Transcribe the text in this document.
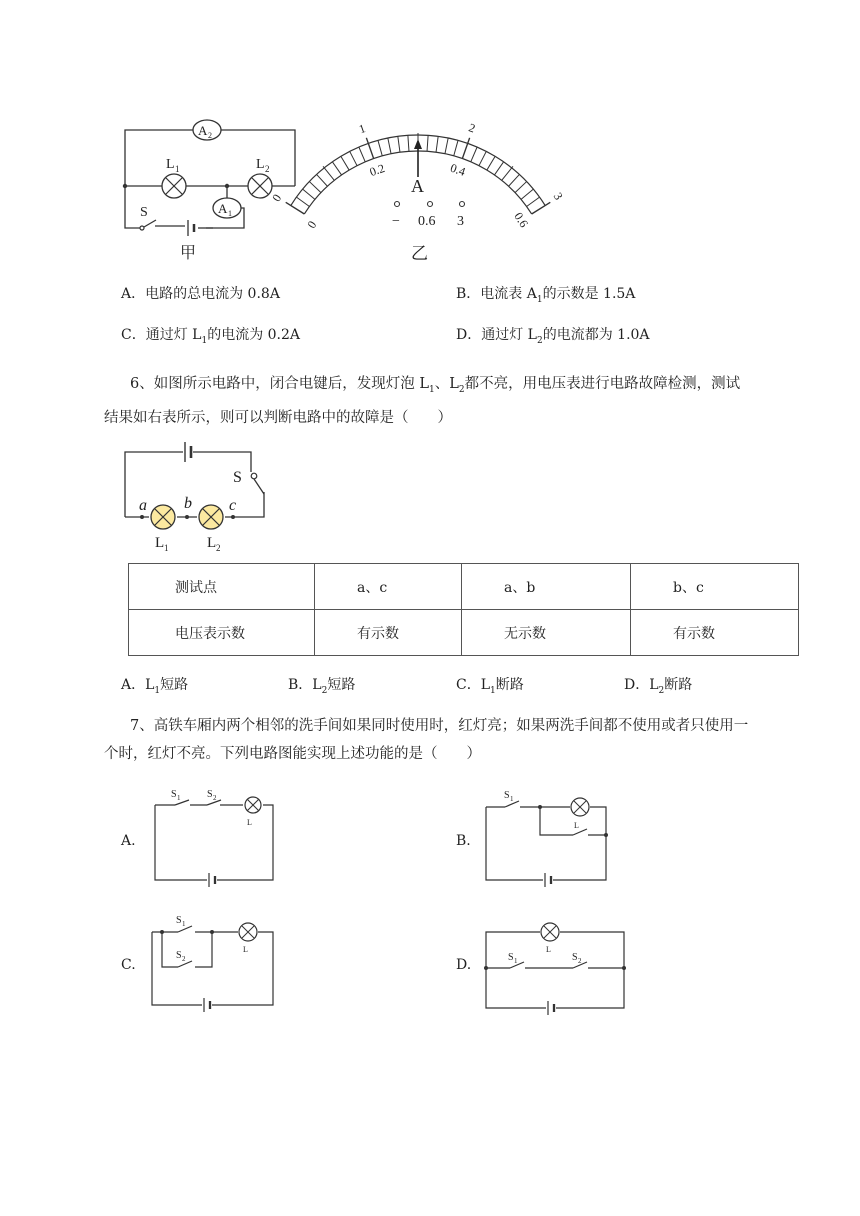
A 2
L 1	L 2
A 1
S
甲
0
1	2
3
0
0.2	0.4
0.6
A
− 0.6 3
乙
A．电路的总电流为 0.8A	B．电流表 $A_1$的示数是 1.5A
C．通过灯 $L_1$的电流为 0.2A	D．通过灯 $L_2$的电流都为 1.0A
6、如图所示电路中，闭合电键后，发现灯泡 $L_1$、$L_2$都不亮，用电压表进行电路故障检测，测试结果如右表所示，则可以判断电路中的故障是（　　）
S
a b c
L 1	L 2
测试点	a、c	a、b	b、c
电压表示数	有示数	无示数	有示数
A．$L_1$短路	B．$L_2$短路	C．$L_1$断路	D．$L_2$断路
7、高铁车厢内两个相邻的洗手间如果同时使用时，红灯亮；如果两洗手间都不使用或者只使用一个时，红灯不亮。下列电路图能实现上述功能的是（　　）
A.	B.
C.	D.
S 1	S 2
L
S 1
L
S 1
S 2
L
S 1	S 2
L
